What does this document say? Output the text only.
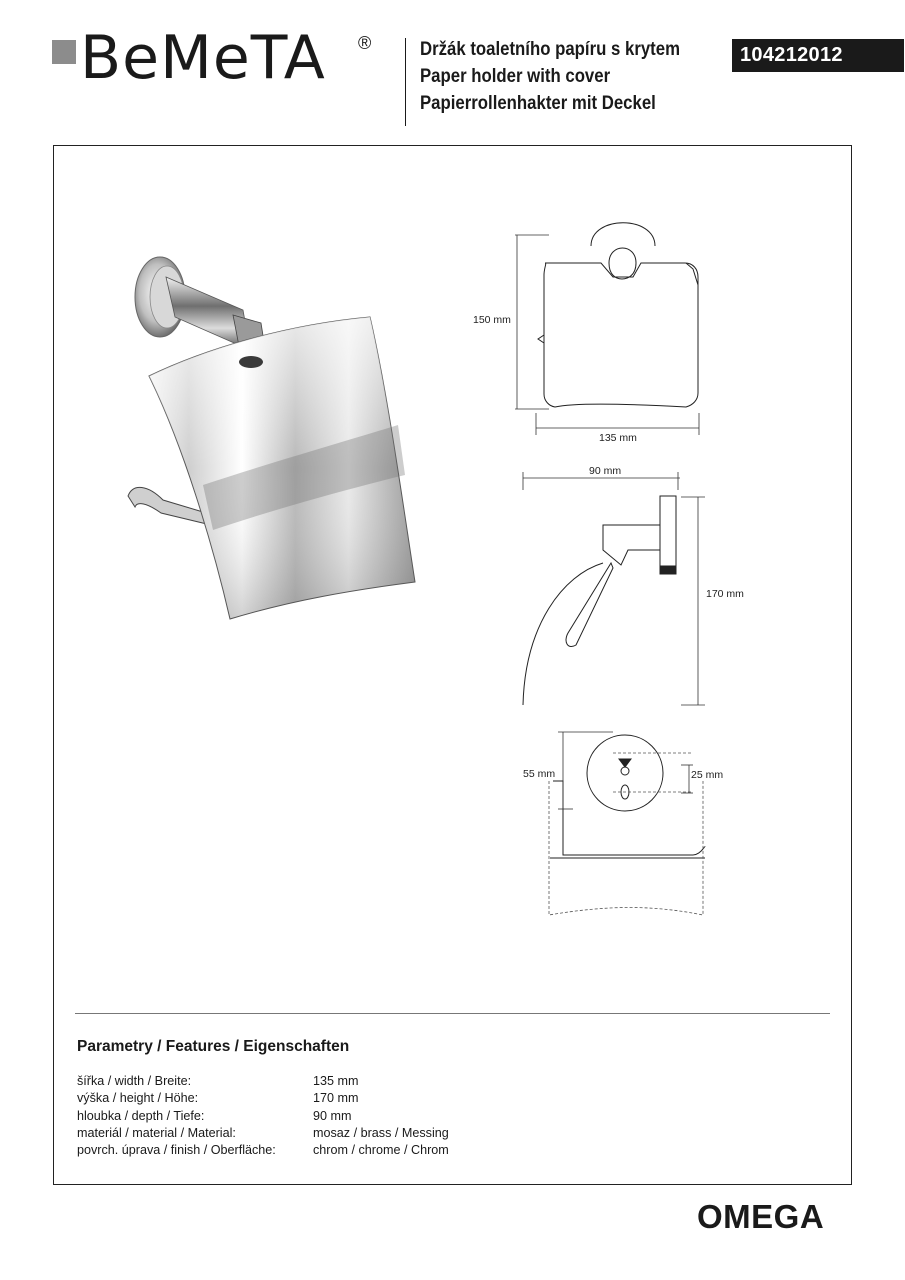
BeMeTA ® Držák toaletního papíru s krytem
Paper holder with cover
Papierrollenhakter mit Deckel
104212012
150 mm
135 mm
90 mm
170 mm
55 mm	25 mm
Parametry / Features / Eigenschaften
šířka / width / Breite:	135 mm
výška / height / Höhe:	170 mm
hloubka / depth / Tiefe:	90 mm
materiál / material / Material:	mosaz / brass / Messing
povrch. úprava / finish / Oberfläche:	chrom / chrome / Chrom
OMEGA
